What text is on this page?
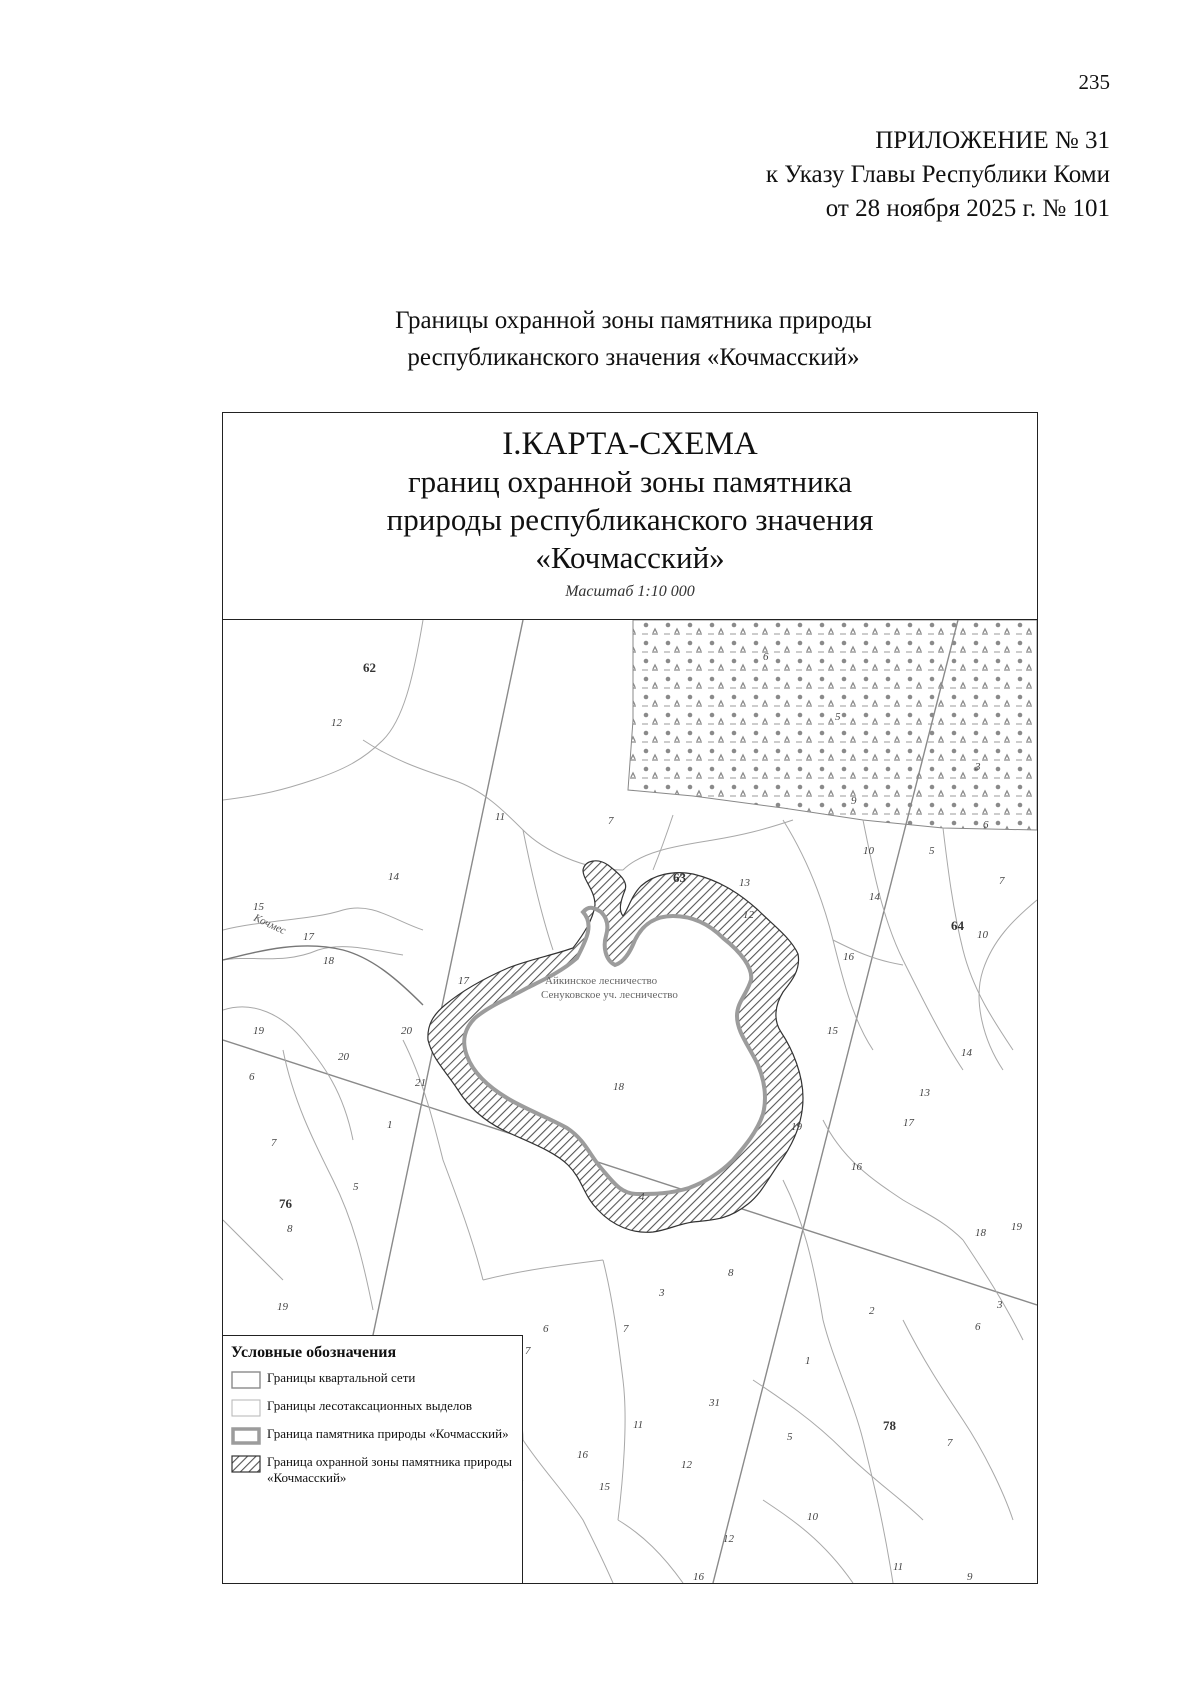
235
ПРИЛОЖЕНИЕ № 31
к Указу Главы Республики Коми
от 28 ноября 2025 г. № 101
Границы охранной зоны памятника природы
республиканского значения «Кочмасский»
I.КАРТА-СХЕМА
границ охранной зоны памятника
природы республиканского значения
«Кочмасский»
Масштаб 1:10 000
Кочмес
Айкинское лесничество
Сенуковское уч. лесничество
62
63
64
76
78
12
11	7
14
15
17
18
17
19	20
20
6	21
1
7
5
8
19
18
4
8
3
7
6
7
31
11
16
15
12
12
16
10
11
9
1
5	7
2
6
3
18 19
16
17
13
14
15
19
16
14
13
12
10	5
7
10
6
3
9
5
6
Условные обозначения
Границы квартальной сети
Границы лесотаксационных выделов
Граница памятника природы «Кочмасский»
Граница охранной зоны памятника природы «Кочмасский»
